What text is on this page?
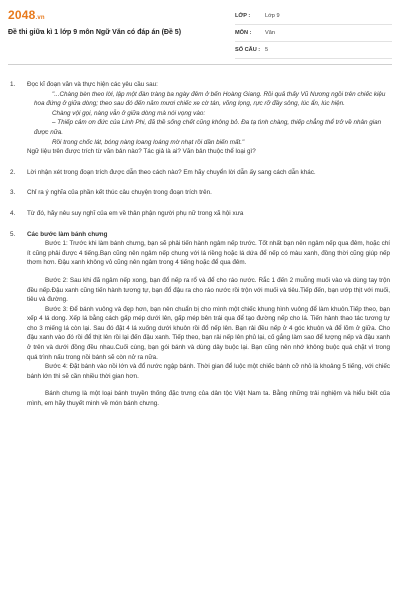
2048.vn
Đề thi giữa kì 1 lớp 9 môn Ngữ Văn có đáp án (Đề 5)
LỚP :	Lớp 9
MÔN :	Văn
SỐ CÂU : 5
1.	Đọc kĩ đoạn văn và thực hiện các yêu cầu sau:

"...Chàng bèn theo lời, lập một đàn tràng ba ngày đêm ở bến Hoàng Giang. Rồi quả thấy Vũ Nương ngồi trên chiếc kiệu hoa đứng ở giữa dòng; theo sau đó đến năm mươi chiếc xe cờ tán, võng lọng, rực rỡ đầy sông, lúc ẩn, lúc hiện.

Chàng vội gọi, nàng vẫn ở giữa dòng mà nói vọng vào:

– Thiếp cảm ơn đức của Linh Phi, đã thề sống chết cũng không bỏ. Đa tạ tình chàng, thiếp chẳng thể trở về nhân gian được nữa.

Rồi trong chốc lát, bóng nàng loang loáng mờ nhạt rồi dần biến mất."

Ngữ liệu trên được trích từ văn bản nào? Tác giả là ai? Văn bản thuộc thể loại gì?

2.	Lời nhận xét trong đoạn trích được dẫn theo cách nào? Em hãy chuyển lời dẫn ấy sang cách dẫn khác.

3.	Chỉ ra ý nghĩa của phần kết thúc câu chuyện trong đoạn trích trên.

4.	Từ đó, hãy nêu suy nghĩ của em về thân phận người phụ nữ trong xã hội xưa

5.	Các bước làm bánh chưng

Bước 1: Trước khi làm bánh chưng, bạn sẽ phải tiến hành ngâm nếp trước. Tốt nhất bạn nên ngâm nếp qua đêm, hoặc chí ít cũng phải được 4 tiếng.Bạn cũng nên ngâm nếp chung với lá riềng hoặc lá dứa để nếp có màu xanh, đồng thời cũng giúp nếp thơm hơn. Đậu xanh không vỏ cũng nên ngâm trong 4 tiếng hoặc để qua đêm.

Bước 2: Sau khi đã ngâm nếp xong, bạn đổ nếp ra rổ và để cho ráo nước. Rắc 1 đến 2 muỗng muối vào và dùng tay trộn đều nếp.Đậu xanh cũng tiến hành tương tự, bạn đổ đậu ra cho ráo nước rồi trộn với muối và tiêu.Tiếp đến, bạn ướp thịt với muối, tiêu và đường.

Bước 3: Để bánh vuông và đẹp hơn, bạn nên chuẩn bị cho mình một chiếc khung hình vuông để làm khuôn.Tiếp theo, bạn xếp 4 lá dong. Xếp lá bằng cách gấp mép dưới lên, gấp mép bên trái qua để tạo đường nếp cho lá. Tiến hành thao tác tương tự cho 3 miếng lá còn lại. Sau đó đặt 4 lá xuống dưới khuôn rồi đổ nếp lên. Bạn rải đều nếp ở 4 góc khuôn và để lõm ở giữa. Cho đậu xanh vào đó rồi để thịt lên rồi lại đến đậu xanh. Tiếp theo, bạn rải nếp lên phủ lại, cố gắng làm sao để lượng nếp và đậu xanh ở trên và dưới đồng đều nhau.Cuối cùng, bạn gói bánh và dùng dây buộc lại. Bạn cũng nên nhớ không buộc quá chặt vì trong quá trình nấu trong nồi bánh sẽ còn nở ra nữa.

Bước 4: Đặt bánh vào nồi lớn và đổ nước ngập bánh. Thời gian để luộc một chiếc bánh cỡ nhỏ là khoảng 5 tiếng, với chiếc bánh lớn thì sẽ cần nhiều thời gian hơn.

Bánh chưng là một loại bánh truyền thống đặc trưng của dân tộc Việt Nam ta. Bằng những trải nghiệm và hiểu biết của mình, em hãy thuyết minh về món bánh chưng.
